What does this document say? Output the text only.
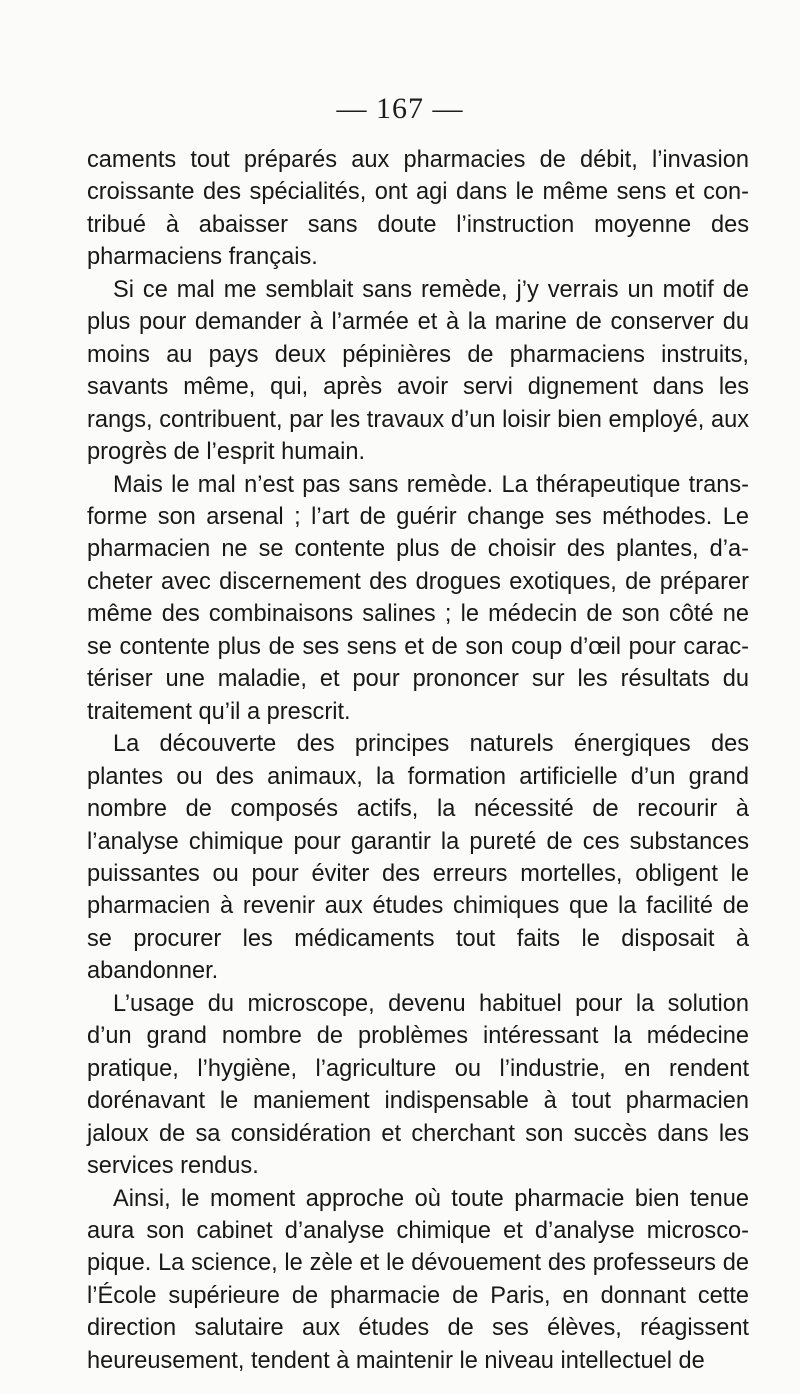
— 167 —

caments tout préparés aux pharmacies de débit, l’invasion croissante des spécialités, ont agi dans le même sens et contribué à abaisser sans doute l’instruction moyenne des pharmaciens français.

Si ce mal me semblait sans remède, j’y verrais un motif de plus pour demander à l’armée et à la marine de conserver du moins au pays deux pépinières de pharmaciens instruits, savants même, qui, après avoir servi dignement dans les rangs, contribuent, par les travaux d’un loisir bien employé, aux progrès de l’esprit humain.

Mais le mal n’est pas sans remède. La thérapeutique transforme son arsenal ; l’art de guérir change ses méthodes. Le pharmacien ne se contente plus de choisir des plantes, d’acheter avec discernement des drogues exotiques, de préparer même des combinaisons salines ; le médecin de son côté ne se contente plus de ses sens et de son coup d’œil pour caractériser une maladie, et pour prononcer sur les résultats du traitement qu’il a prescrit.

La découverte des principes naturels énergiques des plantes ou des animaux, la formation artificielle d’un grand nombre de composés actifs, la nécessité de recourir à l’analyse chimique pour garantir la pureté de ces substances puissantes ou pour éviter des erreurs mortelles, obligent le pharmacien à revenir aux études chimiques que la facilité de se procurer les médicaments tout faits le disposait à abandonner.

L’usage du microscope, devenu habituel pour la solution d’un grand nombre de problèmes intéressant la médecine pratique, l’hygiène, l’agriculture ou l’industrie, en rendent dorénavant le maniement indispensable à tout pharmacien jaloux de sa considération et cherchant son succès dans les services rendus.

Ainsi, le moment approche où toute pharmacie bien tenue aura son cabinet d’analyse chimique et d’analyse microscopique. La science, le zèle et le dévouement des professeurs de l’École supérieure de pharmacie de Paris, en donnant cette direction salutaire aux études de ses élèves, réagissent heureusement, tendent à maintenir le niveau intellectuel de
